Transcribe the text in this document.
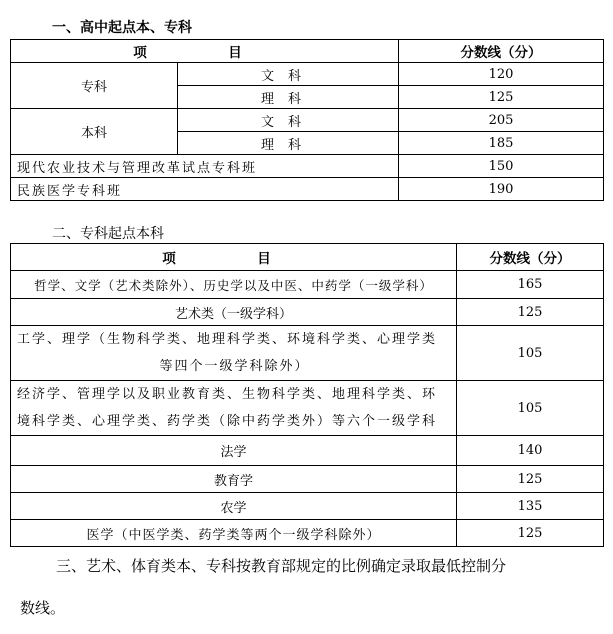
一、高中起点本、专科
项　目		分数线（分）
专科	文科	120
	理科	125
本科	文科	205
	理科	185
现代农业技术与管理改革试点专科班		150
民族医学专科班		190
二、专科起点本科
项　目	分数线（分）
哲学、文学（艺术类除外）、历史学以及中医、中药学（一级学科）	165
艺术类（一级学科）	125

工学、理学（生物科学类、地理科学类、环境科学类、心理学类
等四个一级学科除外）	105

经济学、管理学以及职业教育类、生物科学类、地理科学类、环
境科学类、心理学类、药学类（除中药学类外）等六个一级学科	105
法学	140
教育学	125
农学	135
医学（中医学类、药学类等两个一级学科除外）	125
三、艺术、体育类本、专科按教育部规定的比例确定录取最低控制分
数线。
